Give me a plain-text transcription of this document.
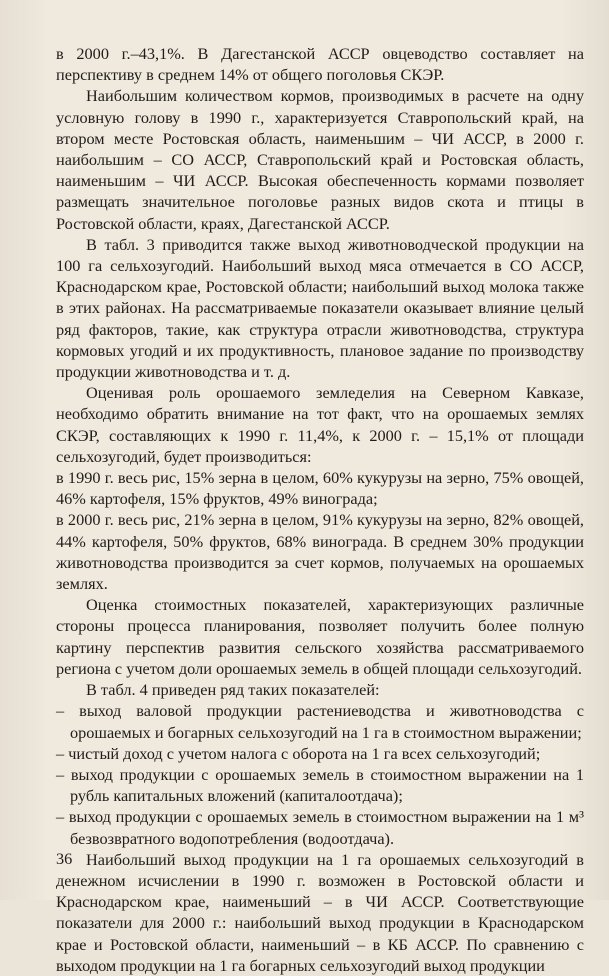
в 2000 г.–43,1%. В Дагестанской АССР овцеводство составляет на перспективу в среднем 14% от общего поголовья СКЭР.

Наибольшим количеством кормов, производимых в расчете на одну условную голову в 1990 г., характеризуется Ставропольский край, на втором месте Ростовская область, наименьшим – ЧИ АССР, в 2000 г. наибольшим – СО АССР, Ставропольский край и Ростовская область, наименьшим – ЧИ АССР. Высокая обеспеченность кормами позволяет размещать значительное поголовье разных видов скота и птицы в Ростовской области, краях, Дагестанской АССР.

В табл. 3 приводится также выход животноводческой продукции на 100 га сельхозугодий. Наибольший выход мяса отмечается в СО АССР, Краснодарском крае, Ростовской области; наибольший выход молока также в этих районах. На рассматриваемые показатели оказывает влияние целый ряд факторов, такие, как структура отрасли животноводства, структура кормовых угодий и их продуктивность, плановое задание по производству продукции животноводства и т. д.

Оценивая роль орошаемого земледелия на Северном Кавказе, необходимо обратить внимание на тот факт, что на орошаемых землях СКЭР, составляющих к 1990 г. 11,4%, к 2000 г. – 15,1% от площади сельхозугодий, будет производиться:

в 1990 г. весь рис, 15% зерна в целом, 60% кукурузы на зерно, 75% овощей, 46% картофеля, 15% фруктов, 49% винограда;

в 2000 г. весь рис, 21% зерна в целом, 91% кукурузы на зерно, 82% овощей, 44% картофеля, 50% фруктов, 68% винограда. В среднем 30% продукции животноводства производится за счет кормов, получаемых на орошаемых землях.

Оценка стоимостных показателей, характеризующих различные стороны процесса планирования, позволяет получить более полную картину перспектив развития сельского хозяйства рассматриваемого региона с учетом доли орошаемых земель в общей площади сельхозугодий.

В табл. 4 приведен ряд таких показателей:

– выход валовой продукции растениеводства и животноводства с орошаемых и богарных сельхозугодий на 1 га в стоимостном выражении;

– чистый доход с учетом налога с оборота на 1 га всех сельхозугодий;

– выход продукции с орошаемых земель в стоимостном выражении на 1 рубль капитальных вложений (капиталоотдача);

– выход продукции с орошаемых земель в стоимостном выражении на 1 м³ безвозвратного водопотребления (водоотдача).

Наибольший выход продукции на 1 га орошаемых сельхозугодий в денежном исчислении в 1990 г. возможен в Ростовской области и Краснодарском крае, наименьший – в ЧИ АССР. Соответствующие показатели для 2000 г.: наибольший выход продукции в Краснодарском крае и Ростовской области, наименьший – в КБ АССР. По сравнению с выходом продукции на 1 га богарных сельхозугодий выход продукции

36
